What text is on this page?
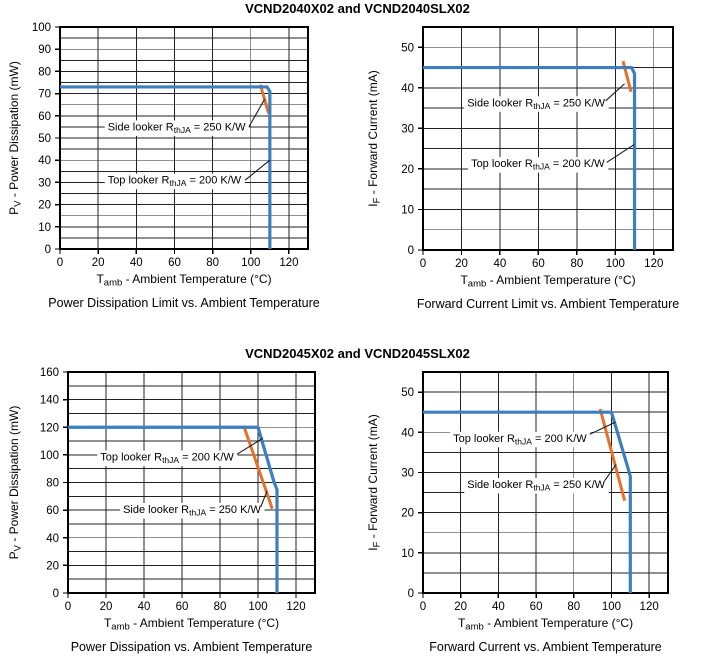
VCND2040X02 and VCND2040SLX02
VCND2045X02 and VCND2045SLX02
0
10
20
30
40
50
60
70
80
90
100
0 20 40 60 80 100 120
$T_{amb}$ - Ambient Temperature (°C)
$P_V$ - Power Dissipation (mW)	Side looker $R_{thJA} = 250$ K/W
Top looker $R_{thJA} = 200$ K/W
Power Dissipation Limit vs. Ambient Temperature
0
10
20
30
40
50
0	20 40 60 80 100 120
$T_{amb}$ - Ambient Temperature (°C)
$I_F$ - Forward Current (mA)	Side looker $R_{thJA} = 250$ K/W
Top looker $R_{thJA} = 200$ K/W
Forward Current Limit vs. Ambient Temperature
0
20
40
60
80
100
120
140
160
0 20 40 60 80 100 120
$T_{amb}$ - Ambient Temperature (°C)
$P_V$ - Power Dissipation (mW)	Top looker $R_{thJA} = 200$ K/W
Side looker $R_{thJA} = 250$ K/W
Power Dissipation vs. Ambient Temperature
0
10
20
30
40
50
0 20 40 60 80 100 120
$T_{amb}$ - Ambient Temperature (°C)
$I_F$ - Forward Current (mA)	Top looker $R_{thJA} = 200$ K/W
Side looker $R_{thJA} = 250$ K/W
Forward Current vs. Ambient Temperature
